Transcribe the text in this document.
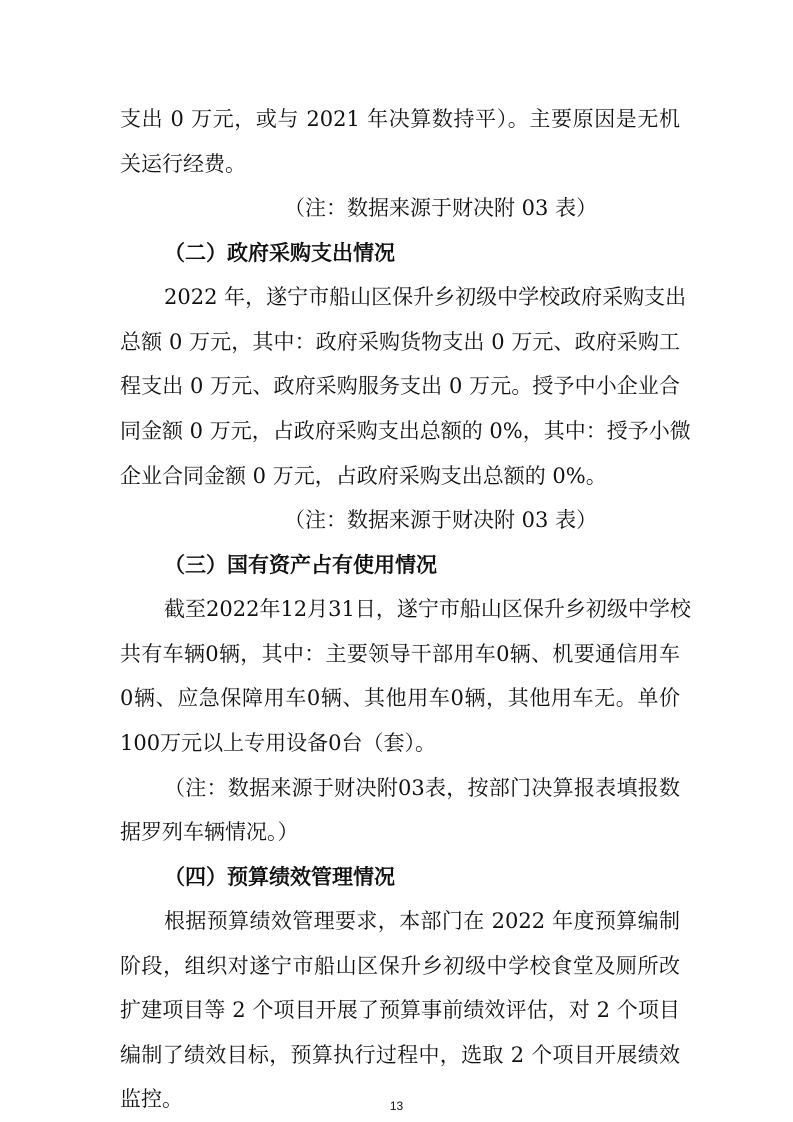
支出 0 万元，或与 2021 年决算数持平）。主要原因是无机
关运行经费。
（注：数据来源于财决附 03 表）
（二）政府采购支出情况
2022 年，遂宁市船山区保升乡初级中学校政府采购支出
总额 0 万元，其中：政府采购货物支出 0 万元、政府采购工
程支出 0 万元、政府采购服务支出 0 万元。授予中小企业合
同金额 0 万元，占政府采购支出总额的 0%，其中：授予小微
企业合同金额 0 万元，占政府采购支出总额的 0%。
（注：数据来源于财决附 03 表）
（三）国有资产占有使用情况
截至2022年12月31日，遂宁市船山区保升乡初级中学校
共有车辆0辆，其中：主要领导干部用车0辆、机要通信用车
0辆、应急保障用车0辆、其他用车0辆，其他用车无。单价
100万元以上专用设备0台（套）。
（注：数据来源于财决附03表，按部门决算报表填报数
据罗列车辆情况。）
（四）预算绩效管理情况
根据预算绩效管理要求，本部门在 2022 年度预算编制
阶段，组织对遂宁市船山区保升乡初级中学校食堂及厕所改
扩建项目等 2 个项目开展了预算事前绩效评估，对 2 个项目
编制了绩效目标，预算执行过程中，选取 2 个项目开展绩效
13
监控。
